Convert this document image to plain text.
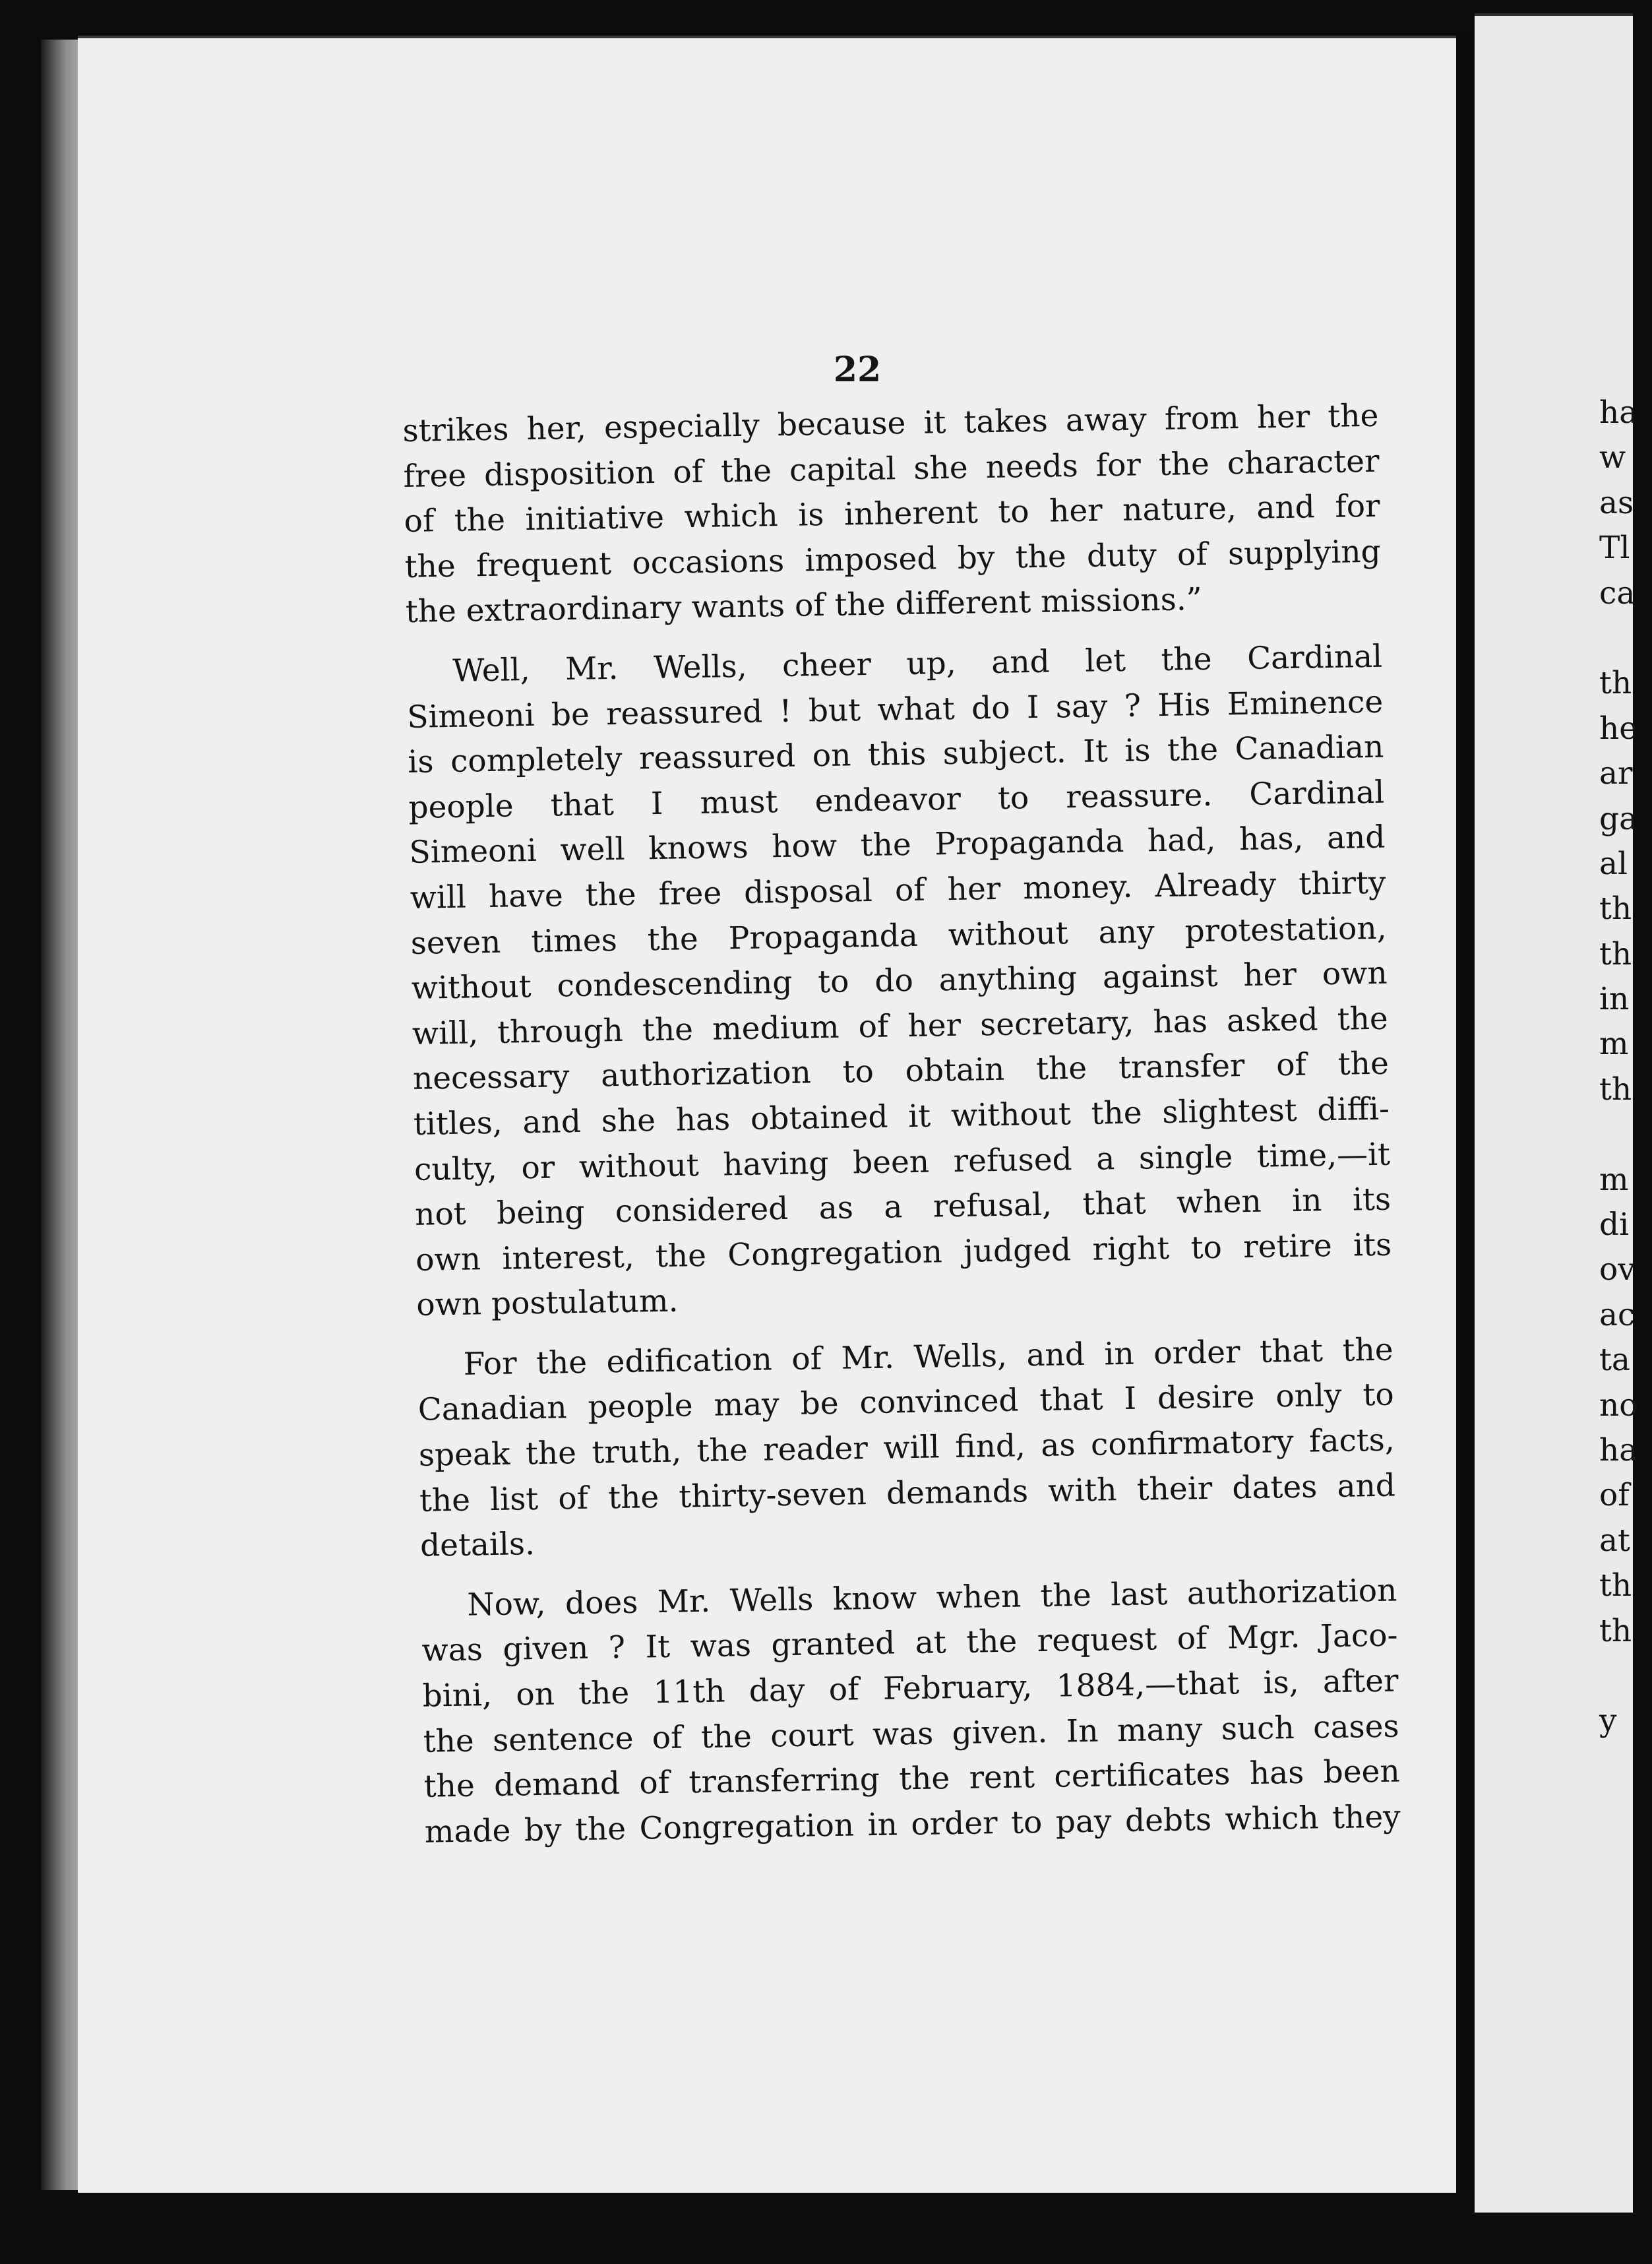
22
strikes her, especially because it takes away from her the
free disposition of the capital she needs for the character
of the initiative which is inherent to her nature, and for
the frequent occasions imposed by the duty of supplying
the extraordinary wants of the different missions.”
Well, Mr. Wells, cheer up, and let the Cardinal
Simeoni be reassured ! but what do I say ? His Eminence
is completely reassured on this subject. It is the Canadian
people that I must endeavor to reassure. Cardinal
Simeoni well knows how the Propaganda had, has, and
will have the free disposal of her money. Already thirty
seven times the Propaganda without any protestation,
without condescending to do anything against her own
will, through the medium of her secretary, has asked the
necessary authorization to obtain the transfer of the
titles, and she has obtained it without the slightest diffi-
culty, or without having been refused a single time,—it
not being considered as a refusal, that when in its
own interest, the Congregation judged right to retire its
own postulatum.
For the edification of Mr. Wells, and in order that the
Canadian people may be convinced that I desire only to
speak the truth, the reader will find, as confirmatory facts,
the list of the thirty-seven demands with their dates and
details.
Now, does Mr. Wells know when the last authorization
was given ? It was granted at the request of Mgr. Jaco-
bini, on the 11th day of February, 1884,—that is, after
the sentence of the court was given. In many such cases
the demand of transferring the rent certificates has been
made by the Congregation in order to pay debts which they
ha
w
as
Tl
ca
th
he
ar
ga
al
th
th
in
m
th
m
di
ov
ac
ta
no
ha
of
at
th
th
y
